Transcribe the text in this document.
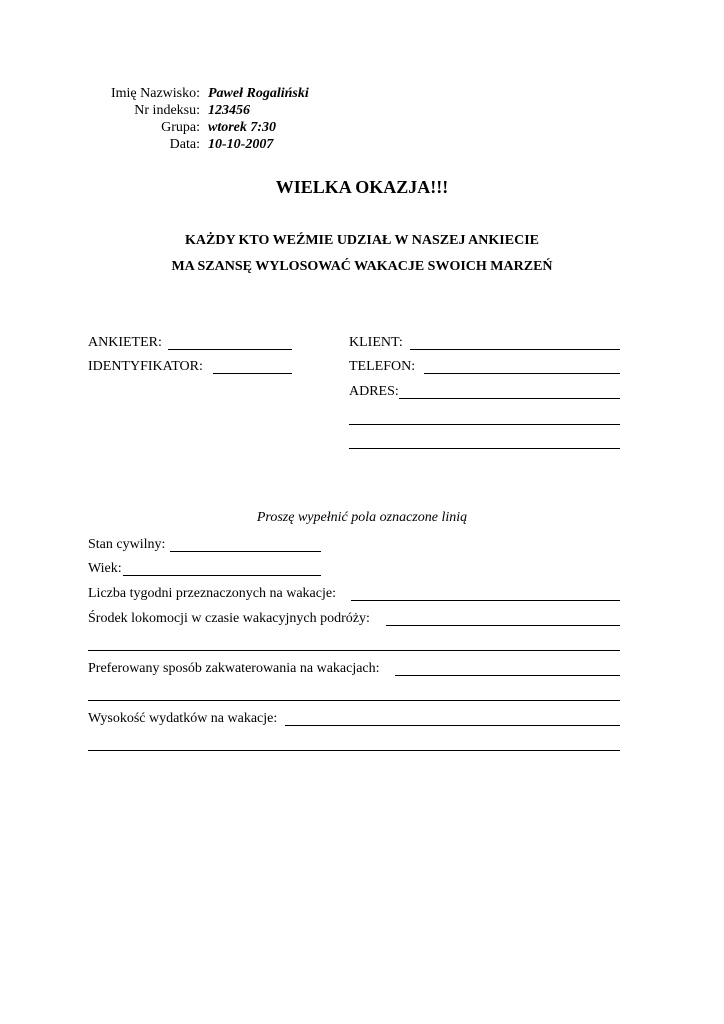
Imię Nazwisko: Paweł Rogaliński
Nr indeksu: 123456
Grupa: wtorek 7:30
Data: 10-10-2007
WIELKA OKAZJA!!!
KAŻDY KTO WEŹMIE UDZIAŁ W NASZEJ ANKIECIE
MA SZANSĘ WYLOSOWAĆ WAKACJE SWOICH MARZEŃ
ANKIETER:
IDENTYFIKATOR:
KLIENT:
TELEFON:
ADRES:
Proszę wypełnić pola oznaczone linią
Stan cywilny:
Wiek:
Liczba tygodni przeznaczonych na wakacje:
Środek lokomocji w czasie wakacyjnych podróży:
Preferowany sposób zakwaterowania na wakacjach:
Wysokość wydatków na wakacje:
